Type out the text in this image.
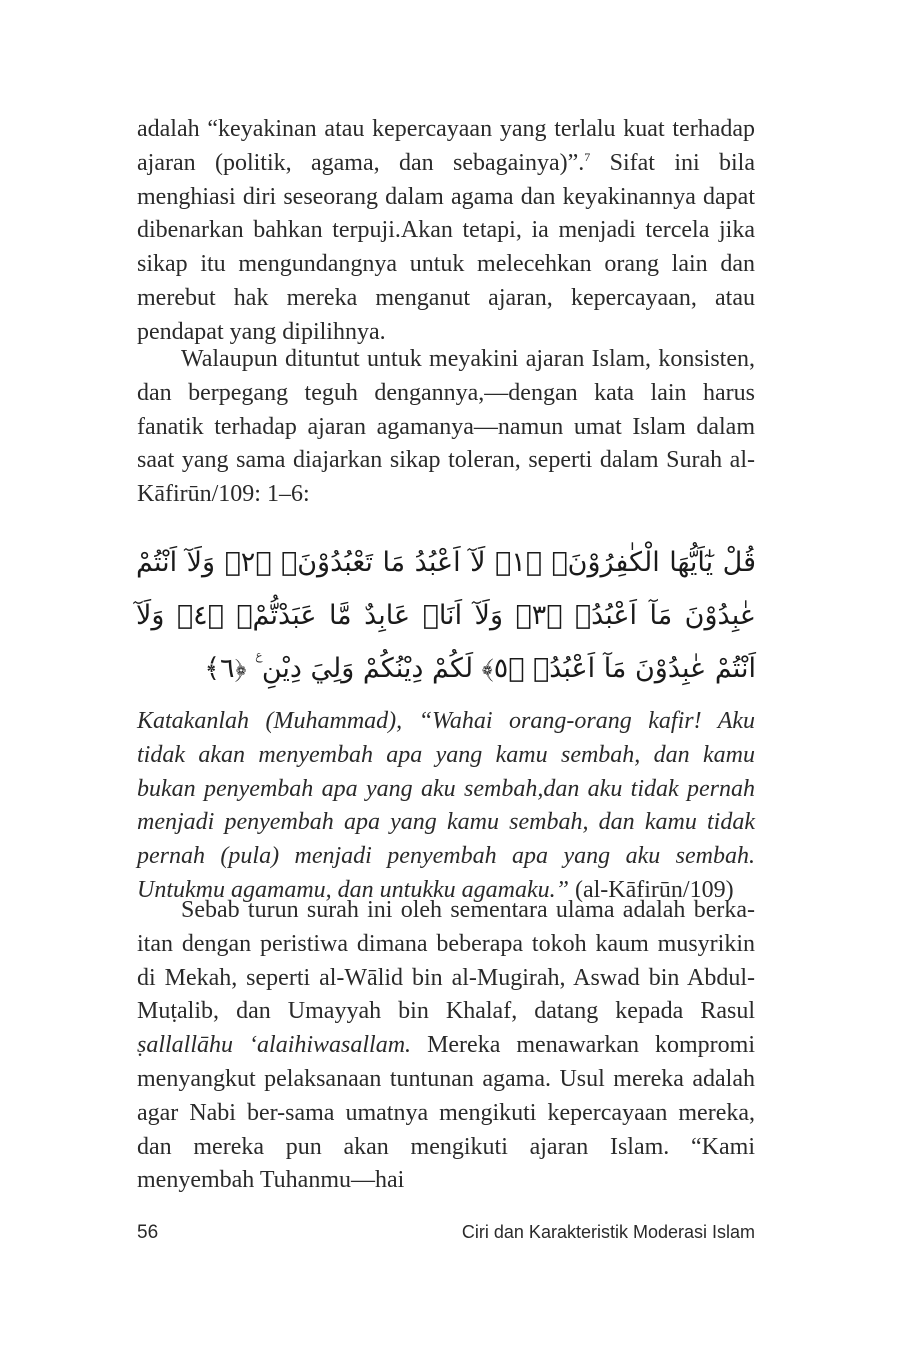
adalah “keyakinan atau kepercayaan yang terlalu kuat terhadap ajaran (politik, agama, dan sebagainya)”.$^7$ Sifat ini bila menghiasi diri seseorang dalam agama dan keyakinannya dapat dibenarkan bahkan terpuji.Akan tetapi, ia menjadi tercela jika sikap itu mengundangnya untuk melecehkan orang lain dan merebut hak mereka menganut ajaran, kepercayaan, atau pendapat yang dipilihnya.

Walaupun dituntut untuk meyakini ajaran Islam, konsisten, dan berpegang teguh dengannya,—dengan kata lain harus fanatik terhadap ajaran agamanya—namun umat Islam dalam saat yang sama diajarkan sikap toleran, seperti dalam Surah al-Kāfirūn/109: 1–6:

قُلْ يٰٓاَيُّهَا الْكٰفِرُوْنَۙ ﴿١﴾ لَآ اَعْبُدُ مَا تَعْبُدُوْنَۙ ﴿٢﴾ وَلَآ اَنْتُمْ عٰبِدُوْنَ مَآ اَعْبُدُۚ ﴿٣﴾ وَلَآ اَنَا۠ عَابِدٌ مَّا عَبَدْتُّمْۙ ﴿٤﴾ وَلَآ اَنْتُمْ عٰبِدُوْنَ مَآ اَعْبُدُۗ ﴿٥﴾ لَكُمْ دِيْنُكُمْ وَلِيَ دِيْنِ ࣖ ﴿٦﴾

Katakanlah (Muhammad), “Wahai orang-orang kafir! Aku tidak akan menyembah apa yang kamu sembah, dan kamu bukan penyembah apa yang aku sembah,dan aku tidak pernah menjadi penyembah apa yang kamu sembah, dan kamu tidak pernah (pula) menjadi penyembah apa yang aku sembah. Untukmu agamamu, dan untukku agamaku.” (al-Kāfirūn/109)

Sebab turun surah ini oleh sementara ulama adalah berka-itan dengan peristiwa dimana beberapa tokoh kaum musyrikin di Mekah, seperti al-Wālid bin al-Mugirah, Aswad bin Abdul-Muṭalib, dan Umayyah bin Khalaf, datang kepada Rasul ṣallallāhu ‘alaihiwasallam. Mereka menawarkan kompromi menyangkut pelaksanaan tuntunan agama. Usul mereka adalah agar Nabi ber-sama umatnya mengikuti kepercayaan mereka, dan mereka pun akan mengikuti ajaran Islam. “Kami menyembah Tuhanmu—hai

56	Ciri dan Karakteristik Moderasi Islam
